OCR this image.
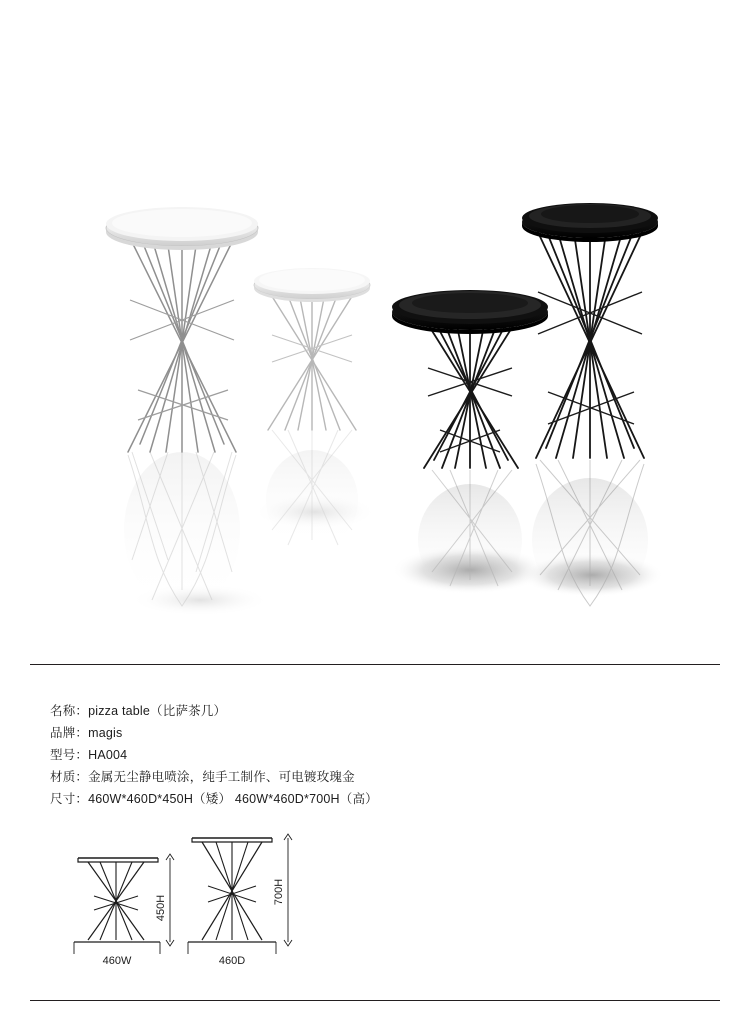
名称：pizza table（比萨茶几）
品牌：magis
型号：HA004
材质：金属无尘静电喷涂，纯手工制作、可电镀玫瑰金
尺寸：460W*460D*450H（矮） 460W*460D*700H（高）
460W
450H
460D
700H
